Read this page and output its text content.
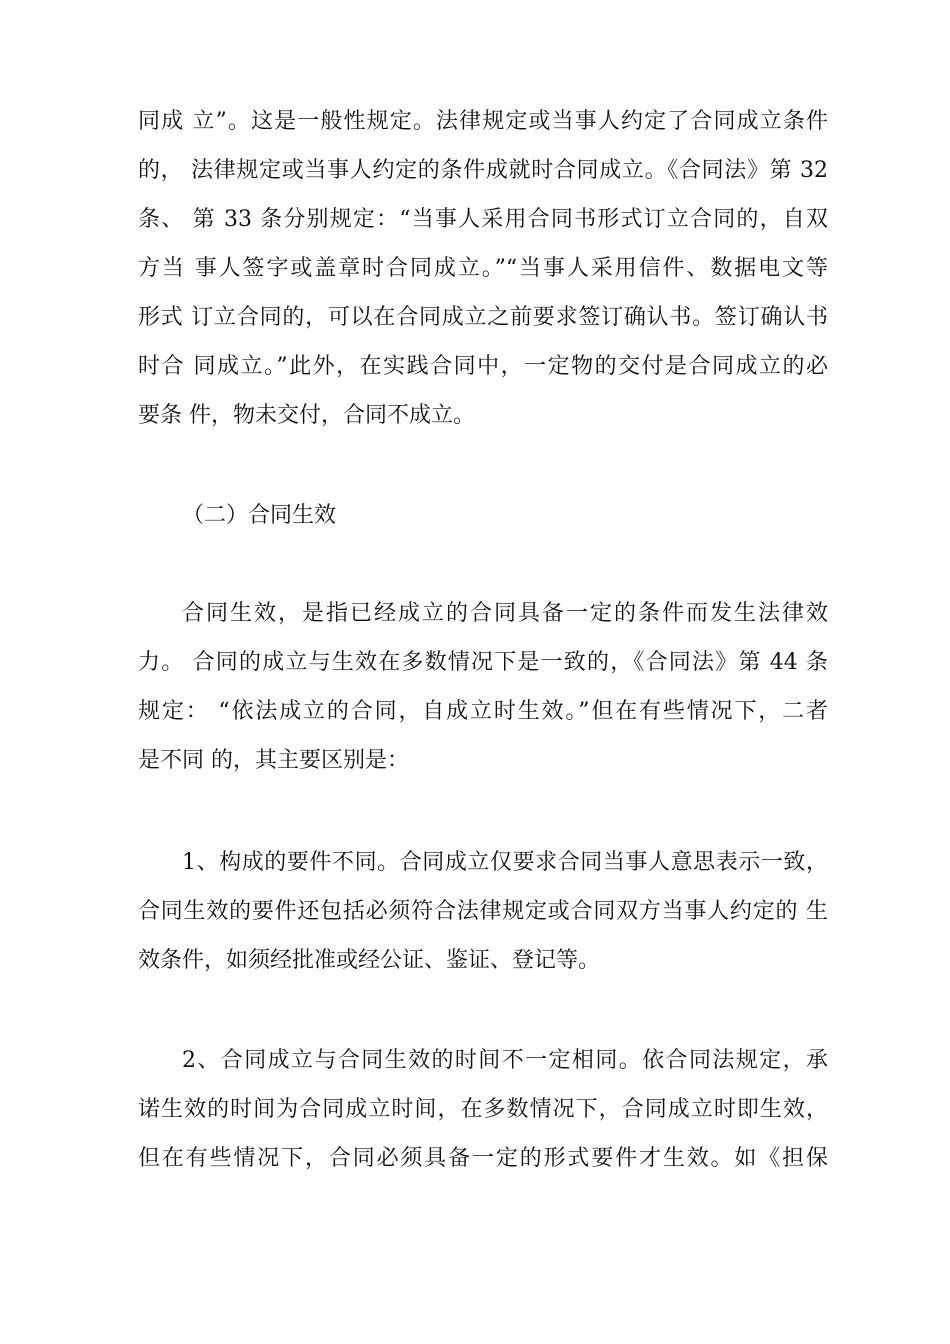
同成 立”。这是一般性规定。法律规定或当事人约定了合同成立条件
的， 法律规定或当事人约定的条件成就时合同成立。《合同法》第 32
条、 第 33 条分别规定：“当事人采用合同书形式订立合同的，自双
方当 事人签字或盖章时合同成立。”“当事人采用信件、数据电文等
形式 订立合同的，可以在合同成立之前要求签订确认书。签订确认书
时合 同成立。”此外，在实践合同中，一定物的交付是合同成立的必
要条 件，物未交付，合同不成立。
（二）合同生效
合同生效，是指已经成立的合同具备一定的条件而发生法律效
力。 合同的成立与生效在多数情况下是一致的，《合同法》第 44 条
规定： “依法成立的合同，自成立时生效。”但在有些情况下，二者
是不同 的，其主要区别是：
1、构成的要件不同。合同成立仅要求合同当事人意思表示一致，
合同生效的要件还包括必须符合法律规定或合同双方当事人约定的 生
效条件，如须经批准或经公证、鉴证、登记等。
2、合同成立与合同生效的时间不一定相同。依合同法规定，承
诺生效的时间为合同成立时间，在多数情况下，合同成立时即生效，
但在有些情况下，合同必须具备一定的形式要件才生效。如《担保
